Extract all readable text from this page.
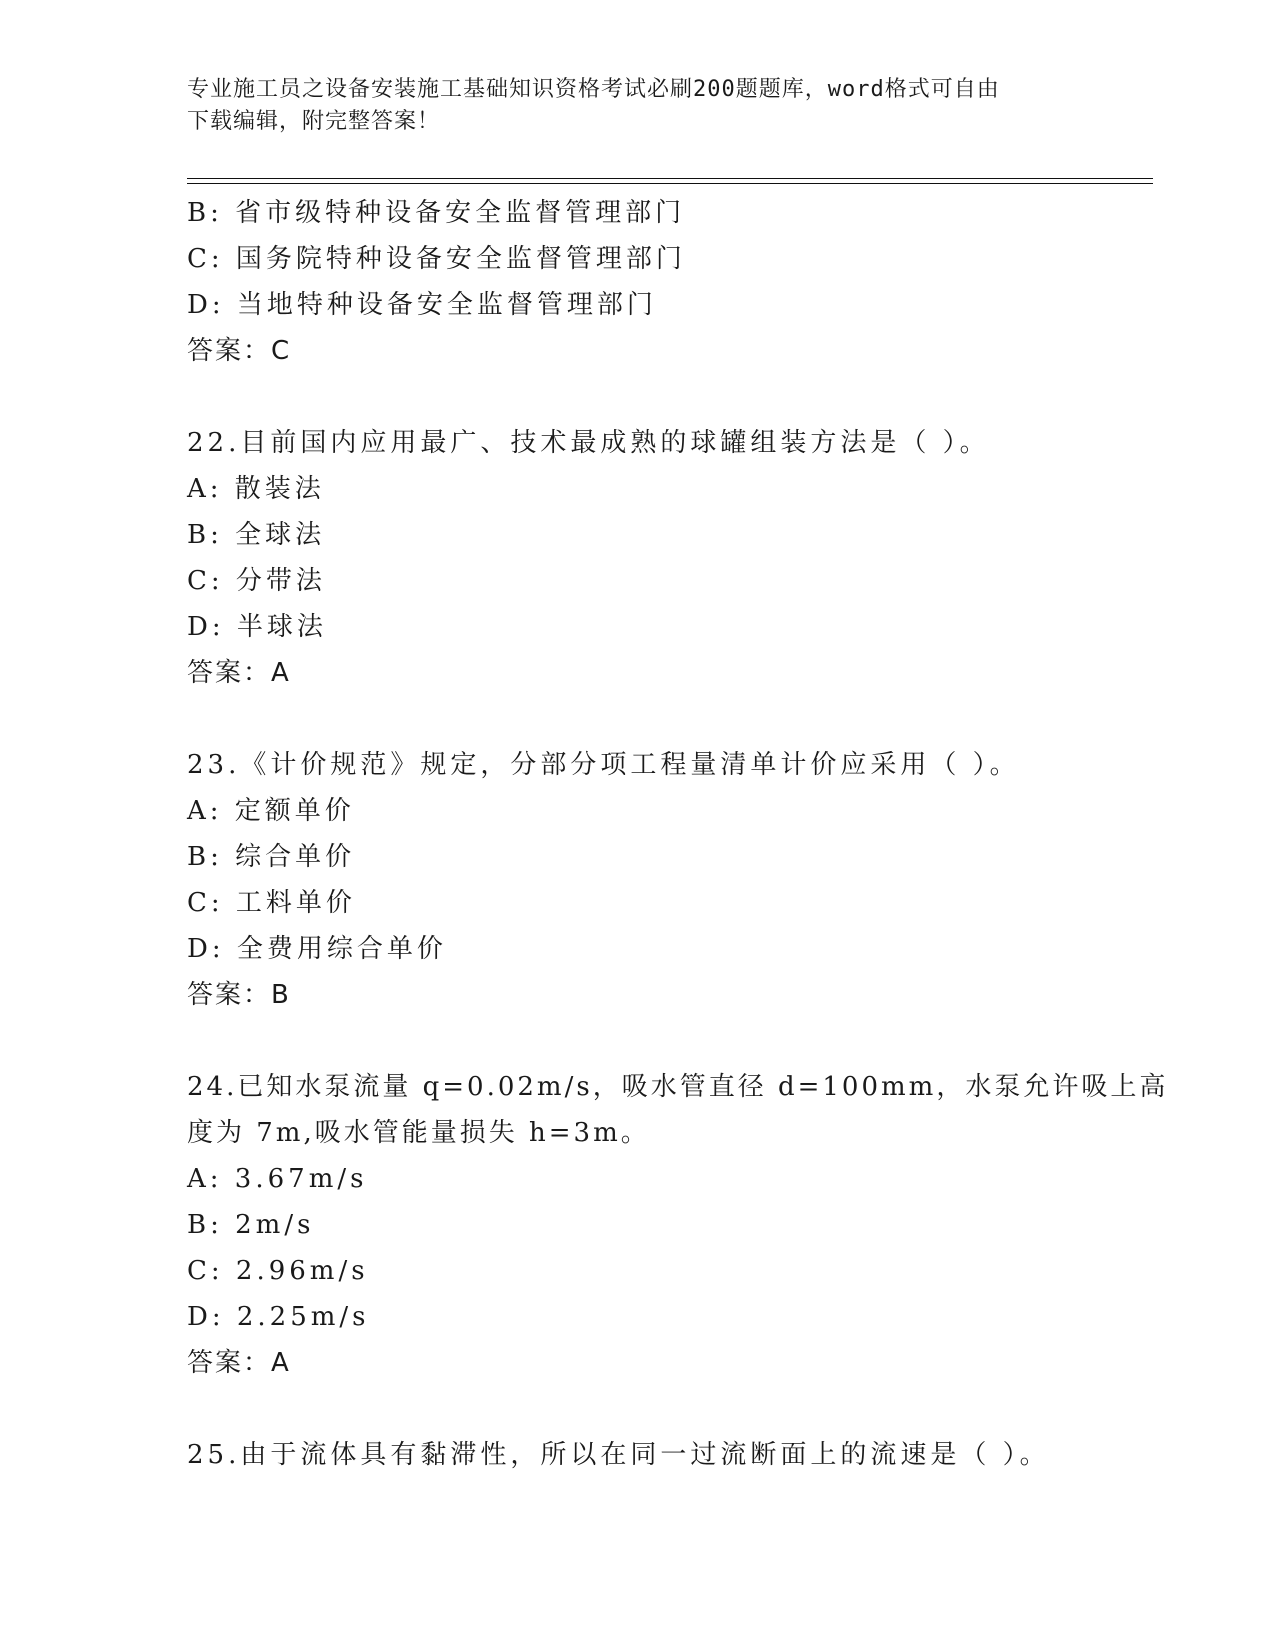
专业施工员之设备安装施工基础知识资格考试必刷200题题库，word格式可自由
下载编辑，附完整答案！
B: 省市级特种设备安全监督管理部门
C: 国务院特种设备安全监督管理部门
D: 当地特种设备安全监督管理部门
答案：C
22.目前国内应用最广、技术最成熟的球罐组装方法是（ ）。
A: 散装法
B: 全球法
C: 分带法
D: 半球法
答案：A
23.《计价规范》规定，分部分项工程量清单计价应采用（ ）。
A: 定额单价
B: 综合单价
C: 工料单价
D: 全费用综合单价
答案：B
24.已知水泵流量 q=0.02m/s，吸水管直径 d=100mm，水泵允许吸上高
度为 7m,吸水管能量损失 h=3m。
A: 3.67m/s
B: 2m/s
C: 2.96m/s
D: 2.25m/s
答案：A
25.由于流体具有黏滞性，所以在同一过流断面上的流速是（ ）。
